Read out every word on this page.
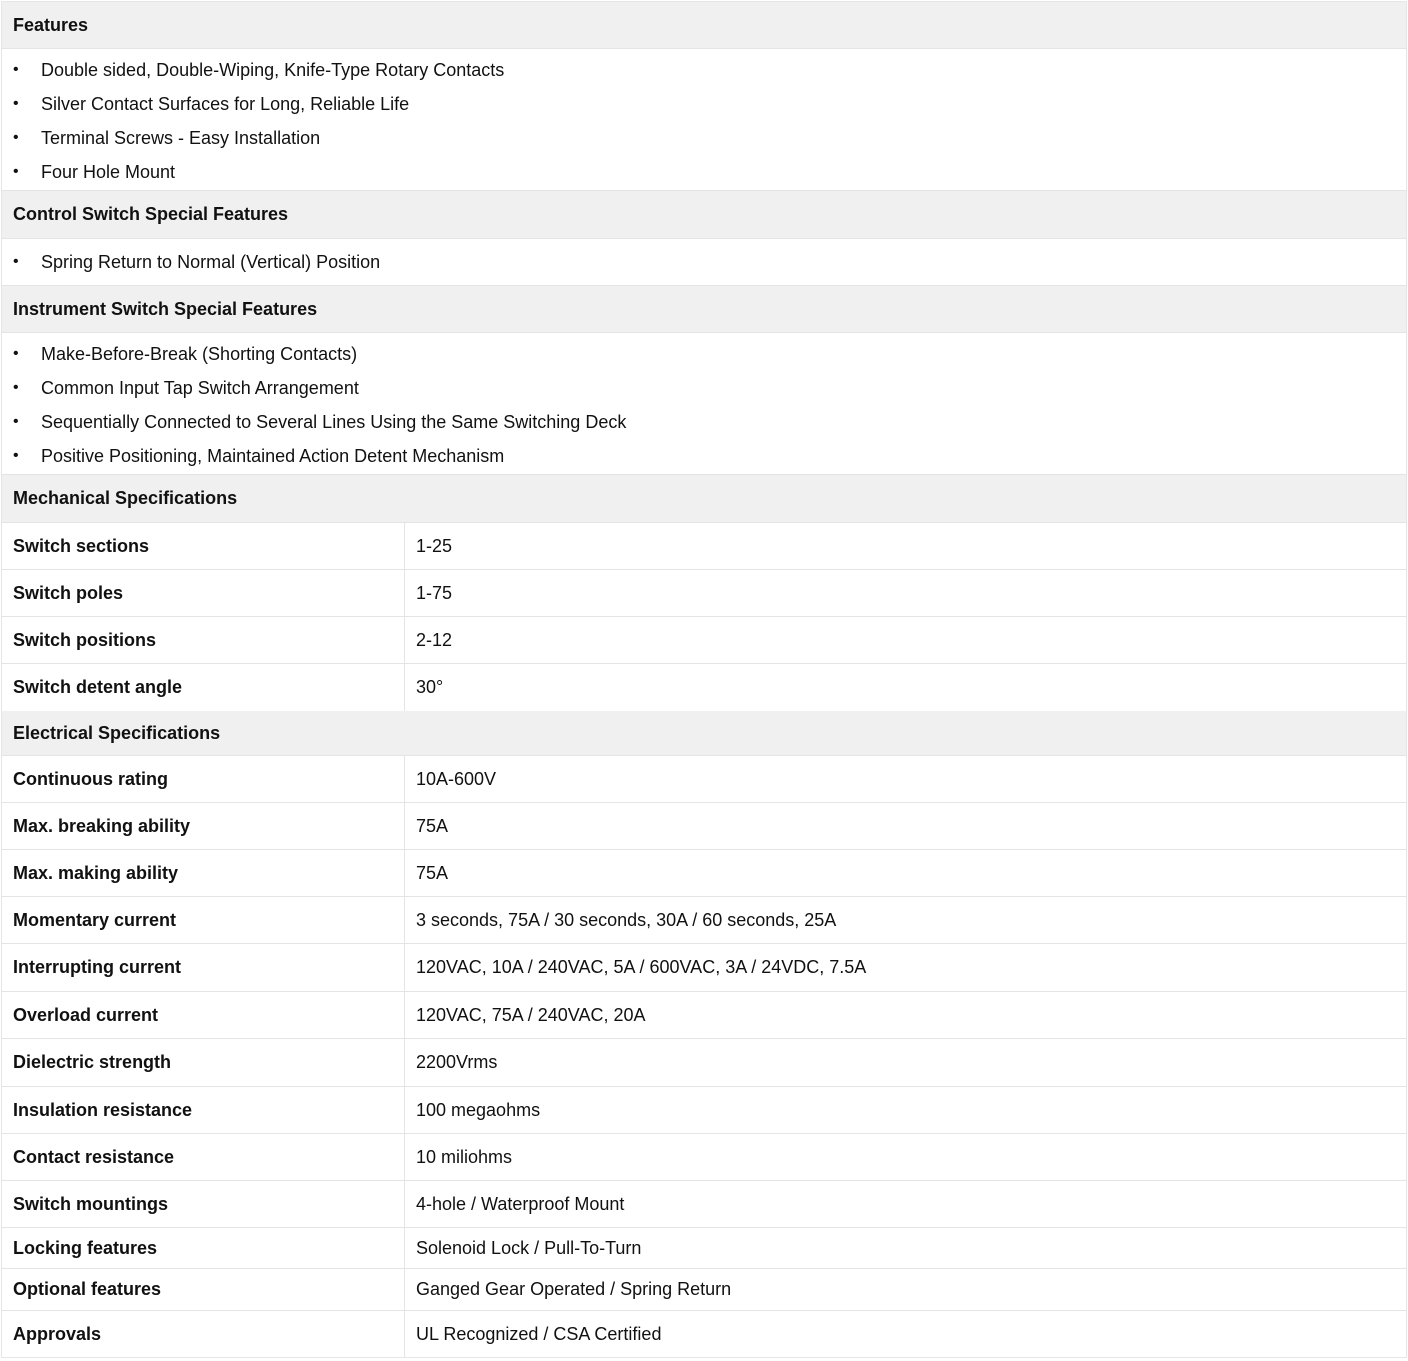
Features
•	Double sided, Double-Wiping, Knife-Type Rotary Contacts
•	Silver Contact Surfaces for Long, Reliable Life
•	Terminal Screws - Easy Installation
•	Four Hole Mount
Control Switch Special Features
•	Spring Return to Normal (Vertical) Position
Instrument Switch Special Features
•	Make-Before-Break (Shorting Contacts)
•	Common Input Tap Switch Arrangement
•	Sequentially Connected to Several Lines Using the Same Switching Deck
•	Positive Positioning, Maintained Action Detent Mechanism
Mechanical Specifications
Switch sections	1-25
Switch poles	1-75
Switch positions	2-12
Switch detent angle	30°
Electrical Specifications
Continuous rating	10A-600V
Max. breaking ability	75A
Max. making ability	75A
Momentary current	3 seconds, 75A / 30 seconds, 30A / 60 seconds, 25A
Interrupting current	120VAC, 10A / 240VAC, 5A / 600VAC, 3A / 24VDC, 7.5A
Overload current	120VAC, 75A / 240VAC, 20A
Dielectric strength	2200Vrms
Insulation resistance	100 megaohms
Contact resistance	10 miliohms
Switch mountings	4-hole / Waterproof Mount
Locking features	Solenoid Lock / Pull-To-Turn
Optional features	Ganged Gear Operated / Spring Return
Approvals	UL Recognized / CSA Certified
